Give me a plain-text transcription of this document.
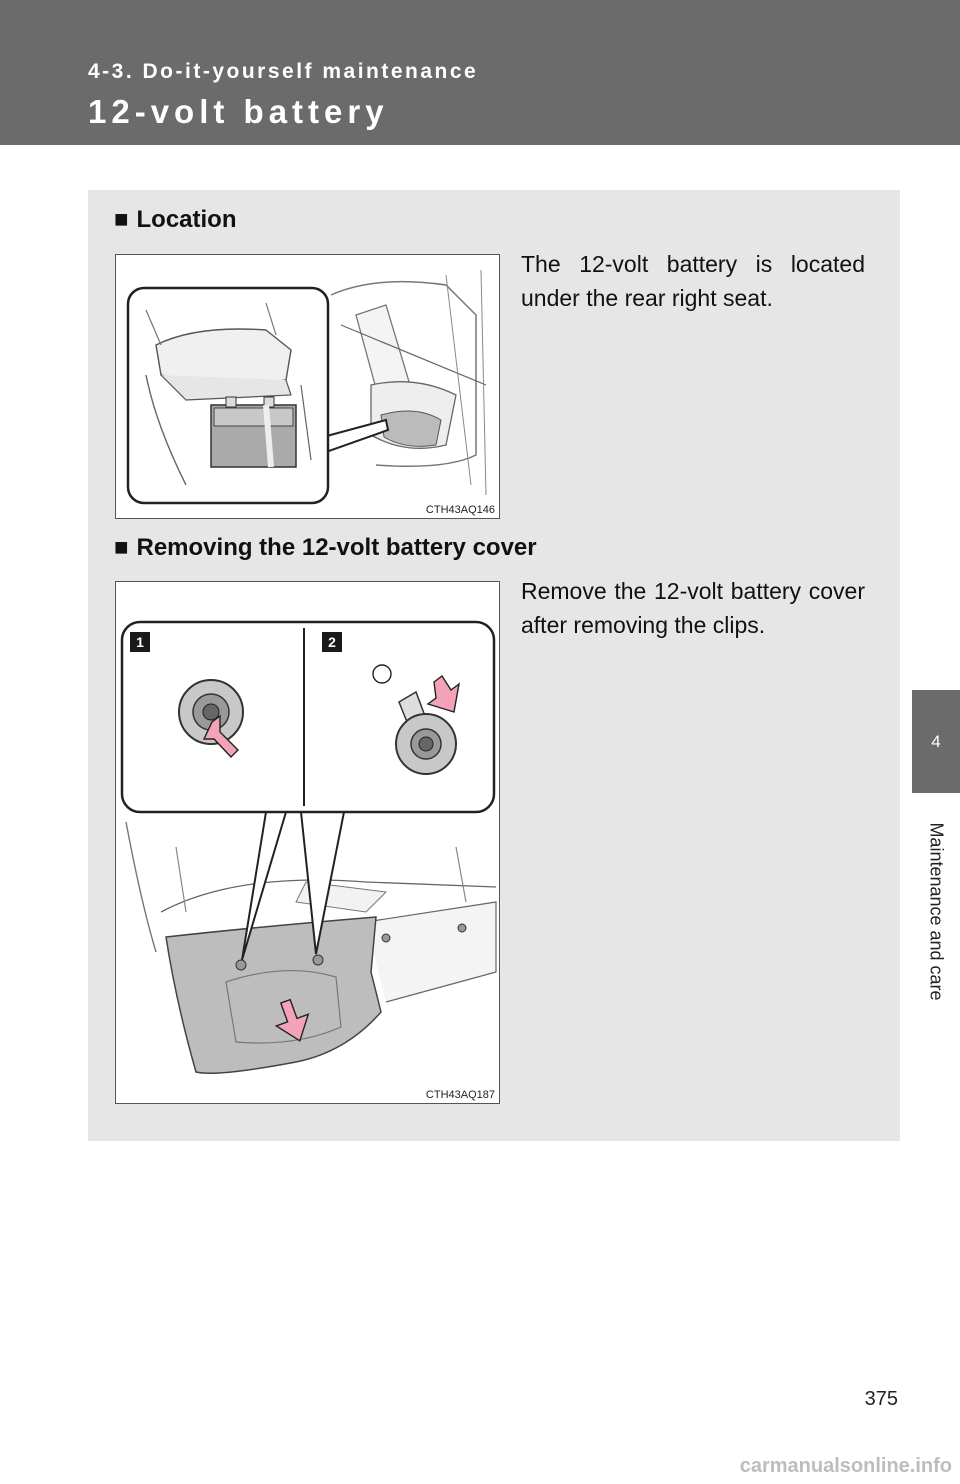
4-3. Do-it-yourself maintenance
12-volt battery
■ Location
The 12-volt battery is located under the rear right seat.
CTH43AQ146
■ Removing the 12-volt battery cover
Remove the 12-volt battery cover after removing the clips.
1	2
CTH43AQ187
4
Maintenance and care
375
carmanualsonline.info
